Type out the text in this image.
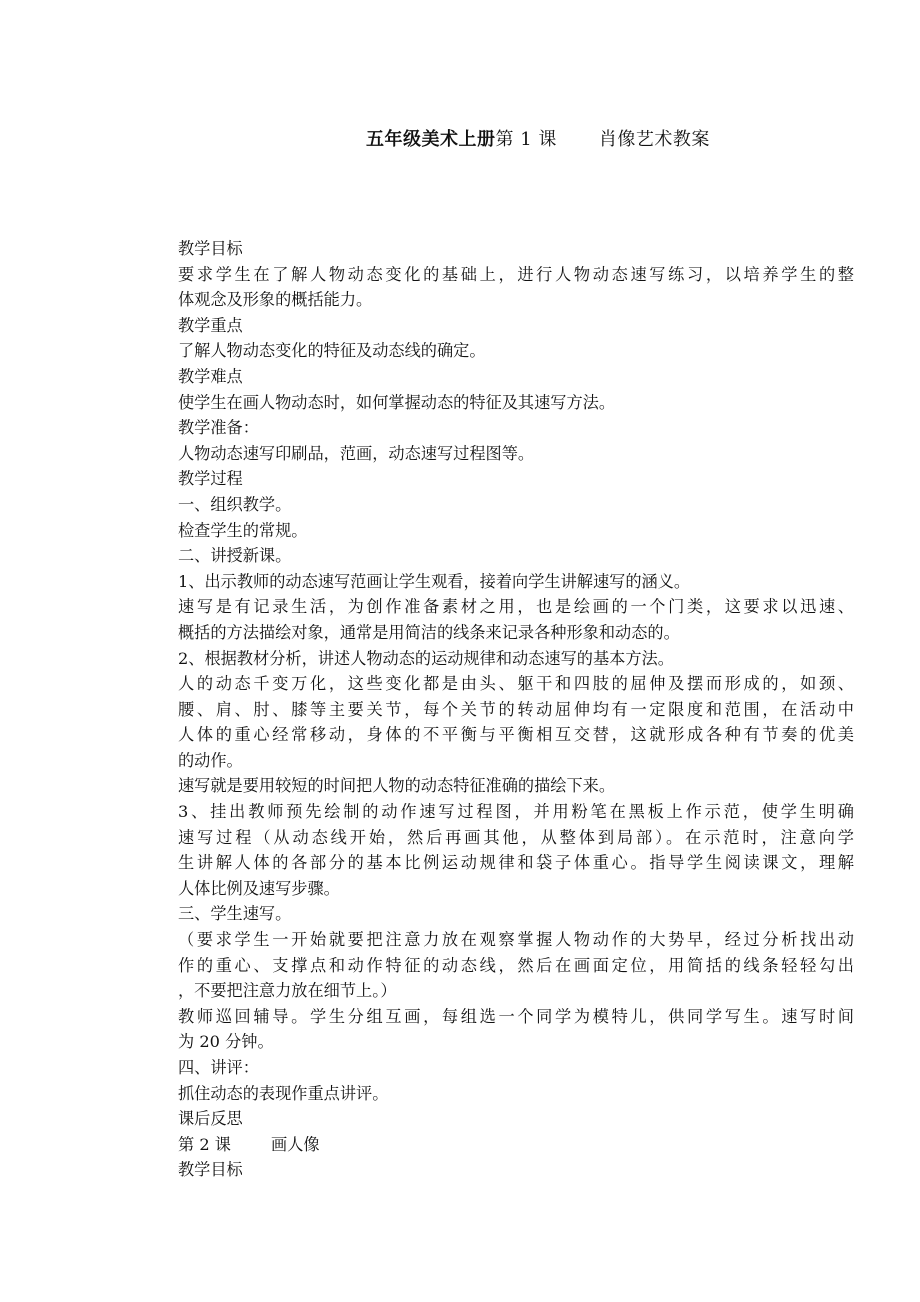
五年级美术上册第 1 课 肖像艺术教案
教学目标
要求学生在了解人物动态变化的基础上，进行人物动态速写练习，以培养学生的整
体观念及形象的概括能力。
教学重点
了解人物动态变化的特征及动态线的确定。
教学难点
使学生在画人物动态时，如何掌握动态的特征及其速写方法。
教学准备：
人物动态速写印刷品，范画，动态速写过程图等。
教学过程
一、组织教学。
检查学生的常规。
二、讲授新课。
1、出示教师的动态速写范画让学生观看，接着向学生讲解速写的涵义。
速写是有记录生活，为创作准备素材之用，也是绘画的一个门类，这要求以迅速、
概括的方法描绘对象，通常是用简洁的线条来记录各种形象和动态的。
2、根据教材分析，讲述人物动态的运动规律和动态速写的基本方法。
人的动态千变万化，这些变化都是由头、躯干和四肢的屈伸及摆而形成的，如颈、
腰、肩、肘、膝等主要关节，每个关节的转动屈伸均有一定限度和范围，在活动中
人体的重心经常移动，身体的不平衡与平衡相互交替，这就形成各种有节奏的优美
的动作。
速写就是要用较短的时间把人物的动态特征准确的描绘下来。
3、挂出教师预先绘制的动作速写过程图，并用粉笔在黑板上作示范，使学生明确
速写过程（从动态线开始，然后再画其他，从整体到局部）。在示范时，注意向学
生讲解人体的各部分的基本比例运动规律和袋子体重心。指导学生阅读课文，理解
人体比例及速写步骤。
三、学生速写。
（要求学生一开始就要把注意力放在观察掌握人物动作的大势早，经过分析找出动
作的重心、支撑点和动作特征的动态线，然后在画面定位，用简括的线条轻轻勾出
，不要把注意力放在细节上。）
教师巡回辅导。学生分组互画，每组选一个同学为模特儿，供同学写生。速写时间
为 20 分钟。
四、讲评：
抓住动态的表现作重点讲评。
课后反思
第 2 课 画人像
教学目标
